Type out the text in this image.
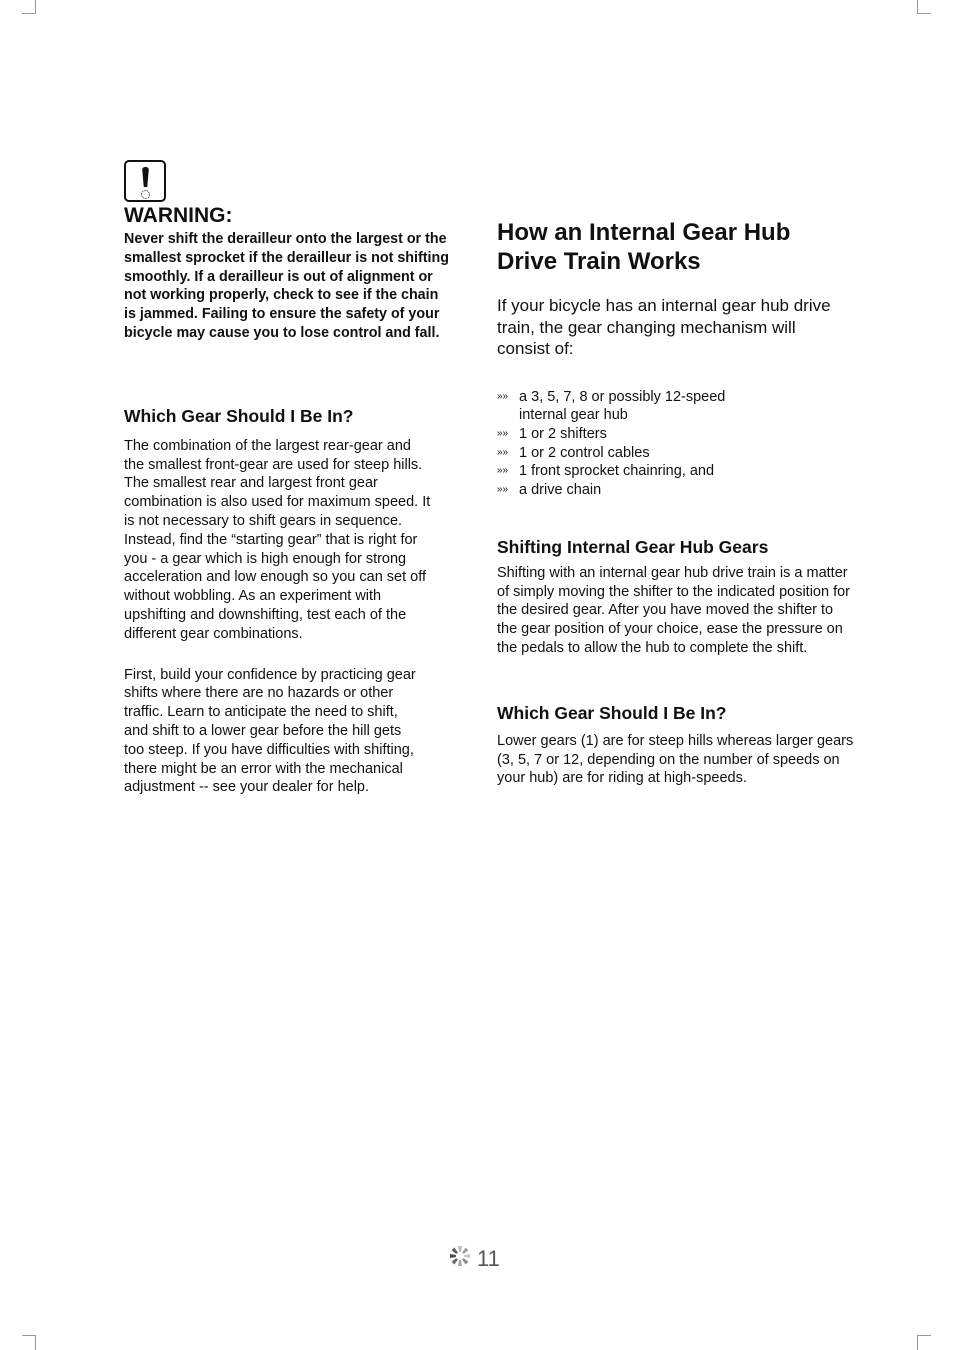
WARNING:
Never shift the derailleur onto the largest or the smallest sprocket if the derailleur is not shifting smoothly. If a derailleur is out of alignment or not working properly, check to see if the chain is jammed. Failing to ensure the safety of your bicycle may cause you to lose control and fall.
Which Gear Should I Be In?

The combination of the largest rear-gear and the smallest front-gear are used for steep hills. The smallest rear and largest front gear combination is also used for maximum speed. It is not necessary to shift gears in sequence. Instead, find the “starting gear” that is right for you - a gear which is high enough for strong acceleration and low enough so you can set off without wobbling. As an experiment with upshifting and downshifting, test each of the different gear combinations.

First, build your confidence by practicing gear shifts where there are no hazards or other traffic. Learn to anticipate the need to shift, and shift to a lower gear before the hill gets too steep. If you have difficulties with shifting, there might be an error with the mechanical adjustment -- see your dealer for help.

How an Internal Gear Hub Drive Train Works

If your bicycle has an internal gear hub drive train, the gear changing mechanism will consist of:

»» a 3, 5, 7, 8 or possibly 12-speed internal gear hub
»» 1 or 2 shifters
»» 1 or 2 control cables
»» 1 front sprocket chainring, and
»» a drive chain
Shifting Internal Gear Hub Gears

Shifting with an internal gear hub drive train is a matter of simply moving the shifter to the indicated position for the desired gear. After you have moved the shifter to the gear position of your choice, ease the pressure on the pedals to allow the hub to complete the shift.

Which Gear Should I Be In?

Lower gears (1) are for steep hills whereas larger gears (3, 5, 7 or 12, depending on the number of speeds on your hub) are for riding at high-speeds.

11
